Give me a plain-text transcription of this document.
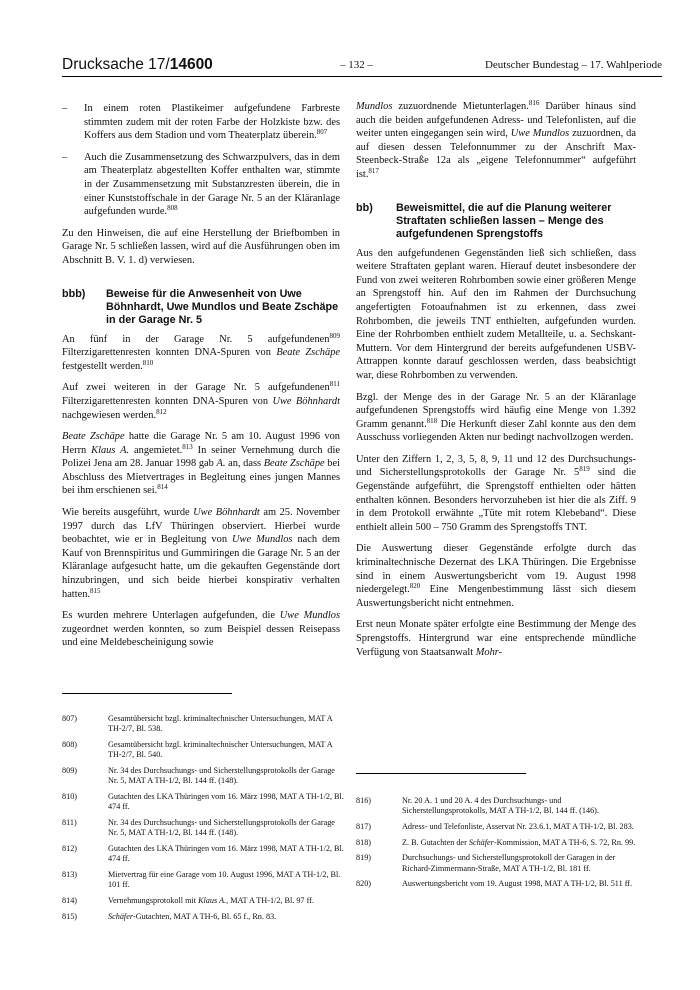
Drucksache 17/14600	– 132 –	Deutscher Bundestag – 17. Wahlperiode
– In einem roten Plastikeimer aufgefundene Farbreste stimmten zudem mit der roten Farbe der Holzkiste bzw. des Koffers aus dem Stadion und vom Theaterplatz überein.$^{807}$
– Auch die Zusammensetzung des Schwarzpulvers, das in dem am Theaterplatz abgestellten Koffer enthalten war, stimmte in der Zusammensetzung mit Substanzresten überein, die in einer Kunststoffschale in der Garage Nr. 5 an der Kläranlage aufgefunden wurde.$^{808}$

Zu den Hinweisen, die auf eine Herstellung der Briefbomben in Garage Nr. 5 schließen lassen, wird auf die Ausführungen oben im Abschnitt B. V. 1. d) verwiesen.

bbb) Beweise für die Anwesenheit von Uwe Böhnhardt, Uwe Mundlos und Beate Zschäpe in der Garage Nr. 5

An fünf in der Garage Nr. 5 aufgefundenen$^{809}$ Filterzigarettenresten konnten DNA-Spuren von Beate Zschäpe festgestellt werden.$^{810}$

Auf zwei weiteren in der Garage Nr. 5 aufgefundenen$^{811}$ Filterzigarettenresten konnten DNA-Spuren von Uwe Böhnhardt nachgewiesen werden.$^{812}$

Beate Zschäpe hatte die Garage Nr. 5 am 10. August 1996 von Herrn Klaus A. angemietet.$^{813}$ In seiner Vernehmung durch die Polizei Jena am 28. Januar 1998 gab A. an, dass Beate Zschäpe bei Abschluss des Mietvertrages in Begleitung eines jungen Mannes bei ihm erschienen sei.$^{814}$

Wie bereits ausgeführt, wurde Uwe Böhnhardt am 25. November 1997 durch das LfV Thüringen observiert. Hierbei wurde beobachtet, wie er in Begleitung von Uwe Mundlos nach dem Kauf von Brennspiritus und Gummiringen die Garage Nr. 5 an der Kläranlage aufgesucht hatte, um die gekauften Gegenstände dort hinzubringen, und sich beide hierbei konspirativ verhalten hatten.$^{815}$

Es wurden mehrere Unterlagen aufgefunden, die Uwe Mundlos zugeordnet werden konnten, so zum Beispiel dessen Reisepass und eine Meldebescheinigung sowie

Mundlos zuzuordnende Mietunterlagen.$^{816}$ Darüber hinaus sind auch die beiden aufgefundenen Adress- und Telefonlisten, auf die weiter unten eingegangen sein wird, Uwe Mundlos zuzuordnen, da auf diesen dessen Telefonnummer zu der Anschrift Max-Steenbeck-Straße 12a als „eigene Telefonnummer“ aufgeführt ist.$^{817}$

bb) Beweismittel, die auf die Planung weiterer Straftaten schließen lassen – Menge des aufgefundenen Sprengstoffs

Aus den aufgefundenen Gegenständen ließ sich schließen, dass weitere Straftaten geplant waren. Hierauf deutet insbesondere der Fund von zwei weiteren Rohrbomben sowie einer größeren Menge an Sprengstoff hin. Auf den im Rahmen der Durchsuchung angefertigten Fotoaufnahmen ist zu erkennen, dass zwei Rohrbomben, die jeweils TNT enthielten, aufgefunden wurden. Eine der Rohrbomben enthielt zudem Metallteile, u. a. Sechskant-Muttern. Vor dem Hintergrund der bereits aufgefundenen USBV-Attrappen konnte darauf geschlossen werden, dass beabsichtigt war, diese Rohrbomben zu verwenden.

Bzgl. der Menge des in der Garage Nr. 5 an der Kläranlage aufgefundenen Sprengstoffs wird häufig eine Menge von 1.392 Gramm genannt.$^{818}$ Die Herkunft dieser Zahl konnte aus den dem Ausschuss vorliegenden Akten nur bedingt nachvollzogen werden.

Unter den Ziffern 1, 2, 3, 5, 8, 9, 11 und 12 des Durchsuchungs- und Sicherstellungsprotokolls der Garage Nr. $5^{819}$ sind die Gegenstände aufgeführt, die Sprengstoff enthielten oder hätten enthalten können. Besonders hervorzuheben ist hier die als Ziff. 9 in dem Protokoll erwähnte „Tüte mit rotem Klebeband“. Diese enthielt allein 500 – 750 Gramm des Sprengstoffs TNT.

Die Auswertung dieser Gegenstände erfolgte durch das kriminaltechnische Dezernat des LKA Thüringen. Die Ergebnisse sind in einem Auswertungsbericht vom 19. August 1998 niedergelegt.$^{820}$ Eine Mengenbestimmung lässt sich diesem Auswertungsbericht nicht entnehmen.

Erst neun Monate später erfolgte eine Bestimmung der Menge des Sprengstoffs. Hintergrund war eine entsprechende mündliche Verfügung von Staatsanwalt Mohr-

807)	Gesamtübersicht bzgl. kriminaltechnischer Untersuchungen, MAT A TH-2/7, Bl. 538.
808)	Gesamtübersicht bzgl. kriminaltechnischer Untersuchungen, MAT A TH-2/7, Bl. 540.
809)	Nr. 34 des Durchsuchungs- und Sicherstellungsprotokolls der Garage Nr. 5, MAT A TH-1/2, Bl. 144 ff. (148).
810)	Gutachten des LKA Thüringen vom 16. März 1998, MAT A TH-1/2, Bl. 474 ff.
811)	Nr. 34 des Durchsuchungs- und Sicherstellungsprotokolls der Garage Nr. 5, MAT A TH-1/2, Bl. 144 ff. (148).
812)	Gutachten des LKA Thüringen vom 16. März 1998, MAT A TH-1/2, Bl. 474 ff.
813)	Mietvertrag für eine Garage vom 10. August 1996, MAT A TH-1/2, Bl. 101 ff.
814)	Vernehmungsprotokoll mit Klaus A., MAT A TH-1/2, Bl. 97 ff.
815)	Schäfer-Gutachten, MAT A TH-6, Bl. 65 f., Rn. 83.
816)	Nr. 20 A. 1 und 20 A. 4 des Durchsuchungs- und Sicherstellungsprotokolls, MAT A TH-1/2, Bl. 144 ff. (146).
817)	Adress- und Telefonliste, Asservat Nr. 23.6.1, MAT A TH-1/2, Bl. 283.
818)	Z. B. Gutachten der Schäfer-Kommission, MAT A TH-6, S. 72, Rn. 99.
819)	Durchsuchungs- und Sicherstellungsprotokoll der Garagen in der Richard-Zimmermann-Straße, MAT A TH-1/2, Bl. 181 ff.
820)	Auswertungsbericht vom 19. August 1998, MAT A TH-1/2, Bl. 511 ff.
